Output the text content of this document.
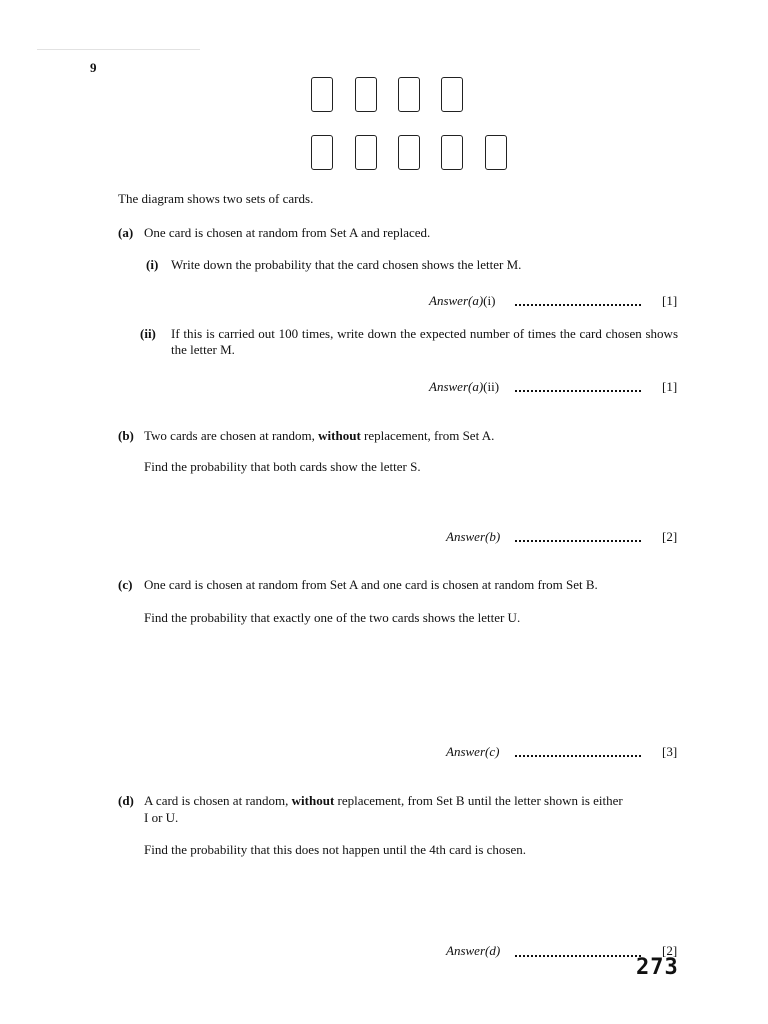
9
The diagram shows two sets of cards.
(a) One card is chosen at random from Set A and replaced.
(i) Write down the probability that the card chosen shows the letter M.
Answer(a)(i)	[1]
(ii) If this is carried out 100 times, write down the expected number of times the card chosen shows the letter M.
Answer(a)(ii)	[1]
(b) Two cards are chosen at random, without replacement, from Set A.
Find the probability that both cards show the letter S.
Answer(b)	[2]
(c) One card is chosen at random from Set A and one card is chosen at random from Set B.
Find the probability that exactly one of the two cards shows the letter U.
Answer(c)	[3]
(d) A card is chosen at random, without replacement, from Set B until the letter shown is either
I or U.
Find the probability that this does not happen until the 4th card is chosen.
Answer(d)	[2]
273
